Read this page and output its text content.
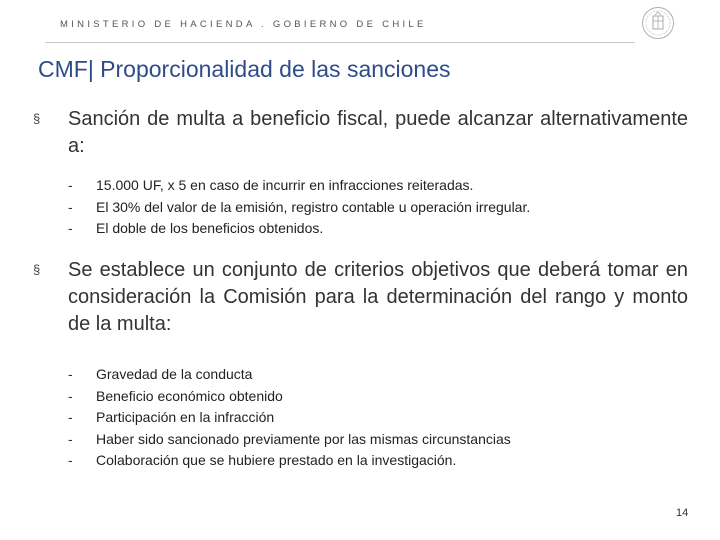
MINISTERIO DE HACIENDA . GOBIERNO DE CHILE
CMF| Proporcionalidad de las sanciones
§ Sanción de multa a beneficio fiscal, puede alcanzar alternativamente a:
-	15.000 UF, x 5 en caso de incurrir en infracciones reiteradas.
-	El 30% del valor de la emisión, registro contable u operación irregular.
-	El doble de los beneficios obtenidos.
§ Se establece un conjunto de criterios objetivos que deberá tomar en consideración la Comisión para la determinación del rango y monto de la multa:
-	Gravedad de la conducta
-	Beneficio económico obtenido
-	Participación en la infracción
-	Haber sido sancionado previamente por las mismas circunstancias
-	Colaboración que se hubiere prestado en la investigación.
14
